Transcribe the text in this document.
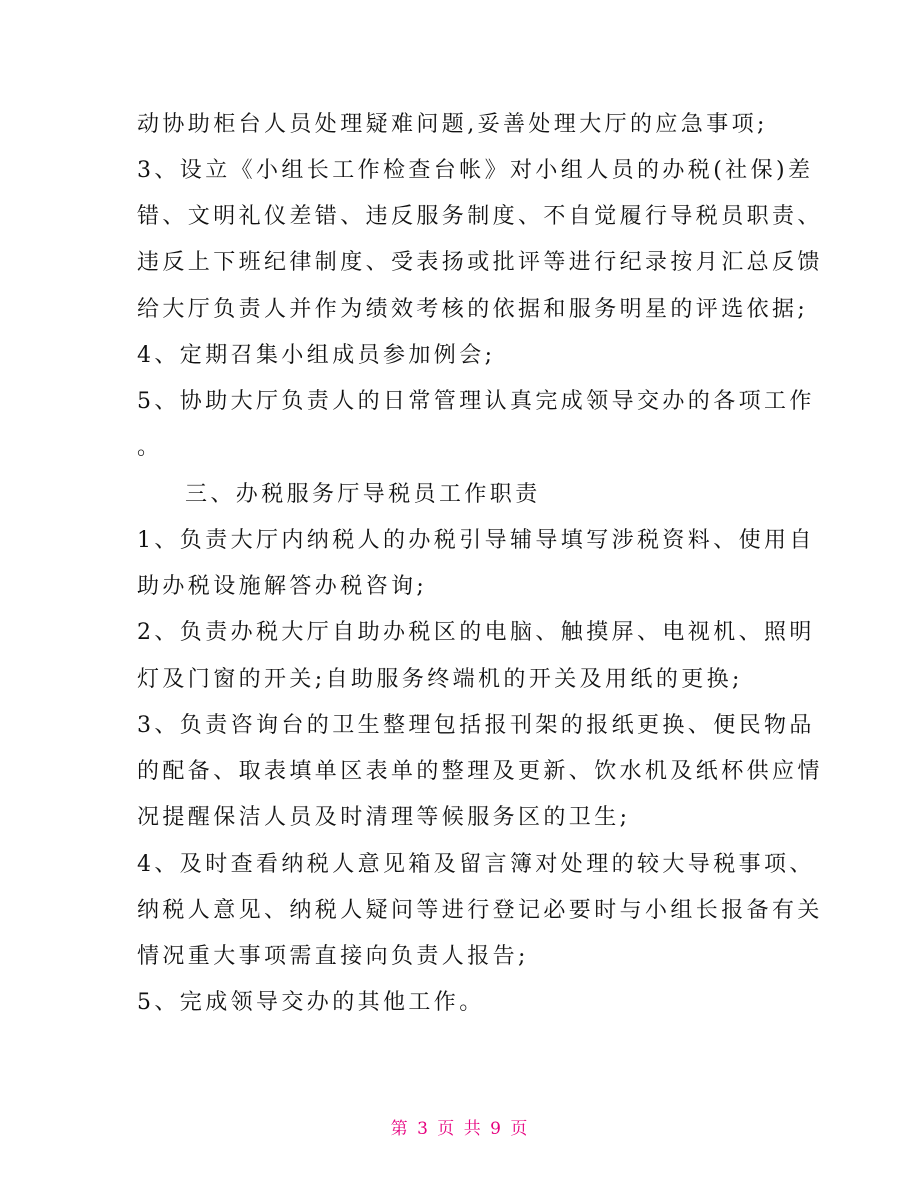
动协助柜台人员处理疑难问题,妥善处理大厅的应急事项;
3、设立《小组长工作检查台帐》对小组人员的办税(社保)差
错、文明礼仪差错、违反服务制度、不自觉履行导税员职责、
违反上下班纪律制度、受表扬或批评等进行纪录按月汇总反馈
给大厅负责人并作为绩效考核的依据和服务明星的评选依据;
4、定期召集小组成员参加例会;
5、协助大厅负责人的日常管理认真完成领导交办的各项工作
。
三、办税服务厅导税员工作职责
1、负责大厅内纳税人的办税引导辅导填写涉税资料、使用自
助办税设施解答办税咨询;
2、负责办税大厅自助办税区的电脑、触摸屏、电视机、照明
灯及门窗的开关;自助服务终端机的开关及用纸的更换;
3、负责咨询台的卫生整理包括报刊架的报纸更换、便民物品
的配备、取表填单区表单的整理及更新、饮水机及纸杯供应情
况提醒保洁人员及时清理等候服务区的卫生;
4、及时查看纳税人意见箱及留言簿对处理的较大导税事项、
纳税人意见、纳税人疑问等进行登记必要时与小组长报备有关
情况重大事项需直接向负责人报告;
5、完成领导交办的其他工作。
第 3 页 共 9 页
